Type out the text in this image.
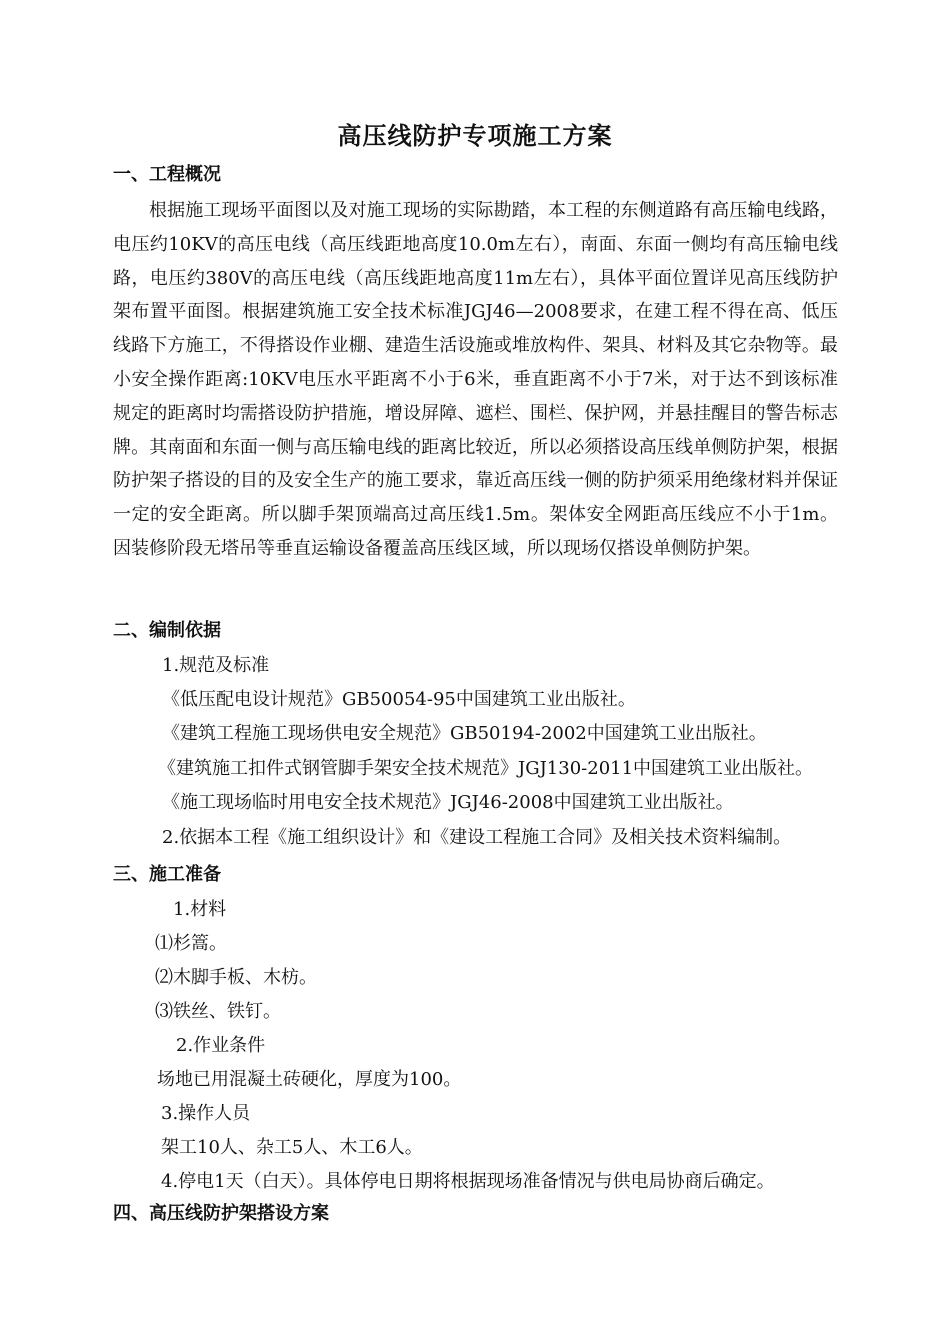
高压线防护专项施工方案
一、工程概况
根据施工现场平面图以及对施工现场的实际勘踏，本工程的东侧道路有高压输电线路，电压约10KV的高压电线（高压线距地高度10.0m左右），南面、东面一侧均有高压输电线路，电压约380V的高压电线（高压线距地高度11m左右），具体平面位置详见高压线防护架布置平面图。根据建筑施工安全技术标准JGJ46—2008要求，在建工程不得在高、低压线路下方施工，不得搭设作业棚、建造生活设施或堆放构件、架具、材料及其它杂物等。最小安全操作距离:10KV电压水平距离不小于6米，垂直距离不小于7米，对于达不到该标准规定的距离时均需搭设防护措施，增设屏障、遮栏、围栏、保护网，并悬挂醒目的警告标志牌。其南面和东面一侧与高压输电线的距离比较近，所以必须搭设高压线单侧防护架，根据防护架子搭设的目的及安全生产的施工要求，靠近高压线一侧的防护须采用绝缘材料并保证一定的安全距离。所以脚手架顶端高过高压线1.5m。架体安全网距高压线应不小于1m。 因装修阶段无塔吊等垂直运输设备覆盖高压线区域，所以现场仅搭设单侧防护架。
二、编制依据
1.规范及标准
《低压配电设计规范》GB50054-95中国建筑工业出版社。
《建筑工程施工现场供电安全规范》GB50194-2002中国建筑工业出版社。
《建筑施工扣件式钢管脚手架安全技术规范》JGJ130-2011中国建筑工业出版社。
《施工现场临时用电安全技术规范》JGJ46-2008中国建筑工业出版社。
2.依据本工程《施工组织设计》和《建设工程施工合同》及相关技术资料编制。
三、施工准备
1.材料
⑴杉篙。
⑵木脚手板、木枋。
⑶铁丝、铁钉。
2.作业条件
场地已用混凝土砖硬化，厚度为100。
3.操作人员
架工10人、杂工5人、木工6人。
4.停电1天（白天）。具体停电日期将根据现场准备情况与供电局协商后确定。
四、高压线防护架搭设方案
